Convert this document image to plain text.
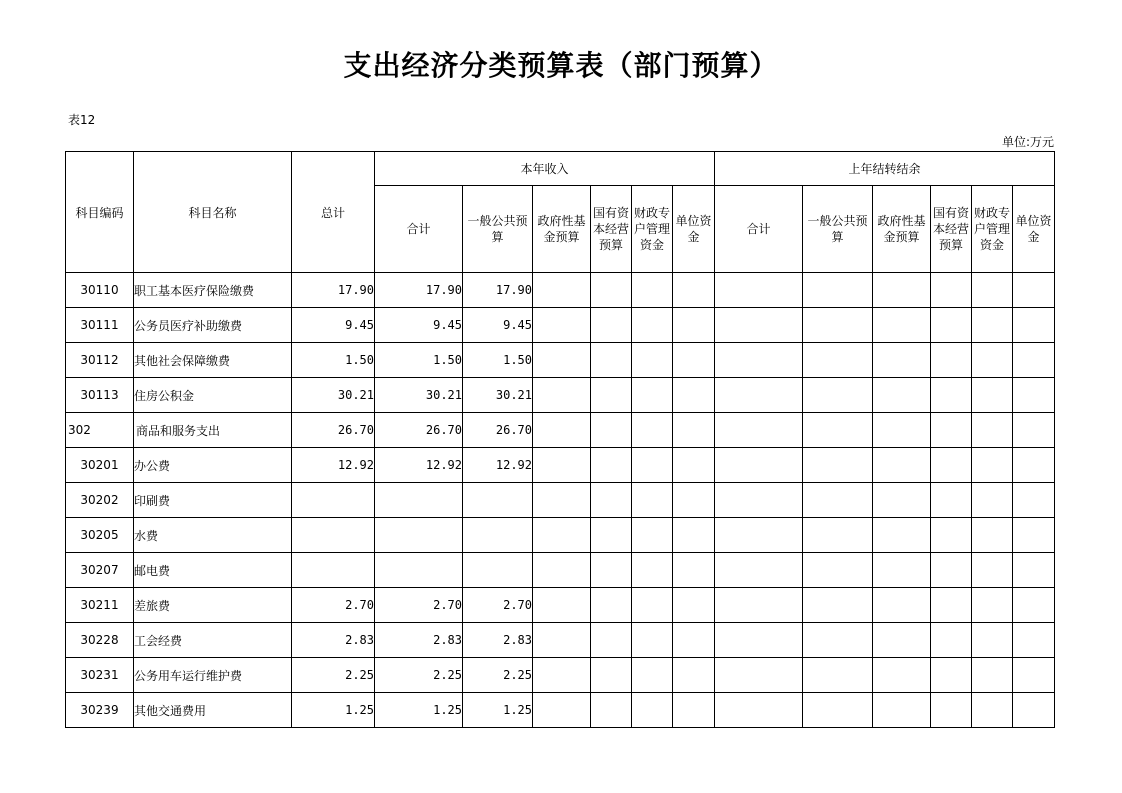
支出经济分类预算表（部门预算）
表12
单位:万元
科目编码	科目名称	总计	本年收入						上年结转结余					
			合计	一般公共预算	政府性基金预算	国有资本经营预算	财政专户管理资金	单位资金	合计	一般公共预算	政府性基金预算	国有资本经营预算	财政专户管理资金	单位资金
30110	职工基本医疗保险缴费	17.90	17.90	17.90										
30111	公务员医疗补助缴费	9.45	9.45	9.45										
30112	其他社会保障缴费	1.50	1.50	1.50										
30113	住房公积金	30.21	30.21	30.21										
302	商品和服务支出	26.70	26.70	26.70										
30201	办公费	12.92	12.92	12.92										
30202	印刷费													
30205	水费													
30207	邮电费													
30211	差旅费	2.70	2.70	2.70										
30228	工会经费	2.83	2.83	2.83										
30231	公务用车运行维护费	2.25	2.25	2.25										
30239	其他交通费用	1.25	1.25	1.25										
